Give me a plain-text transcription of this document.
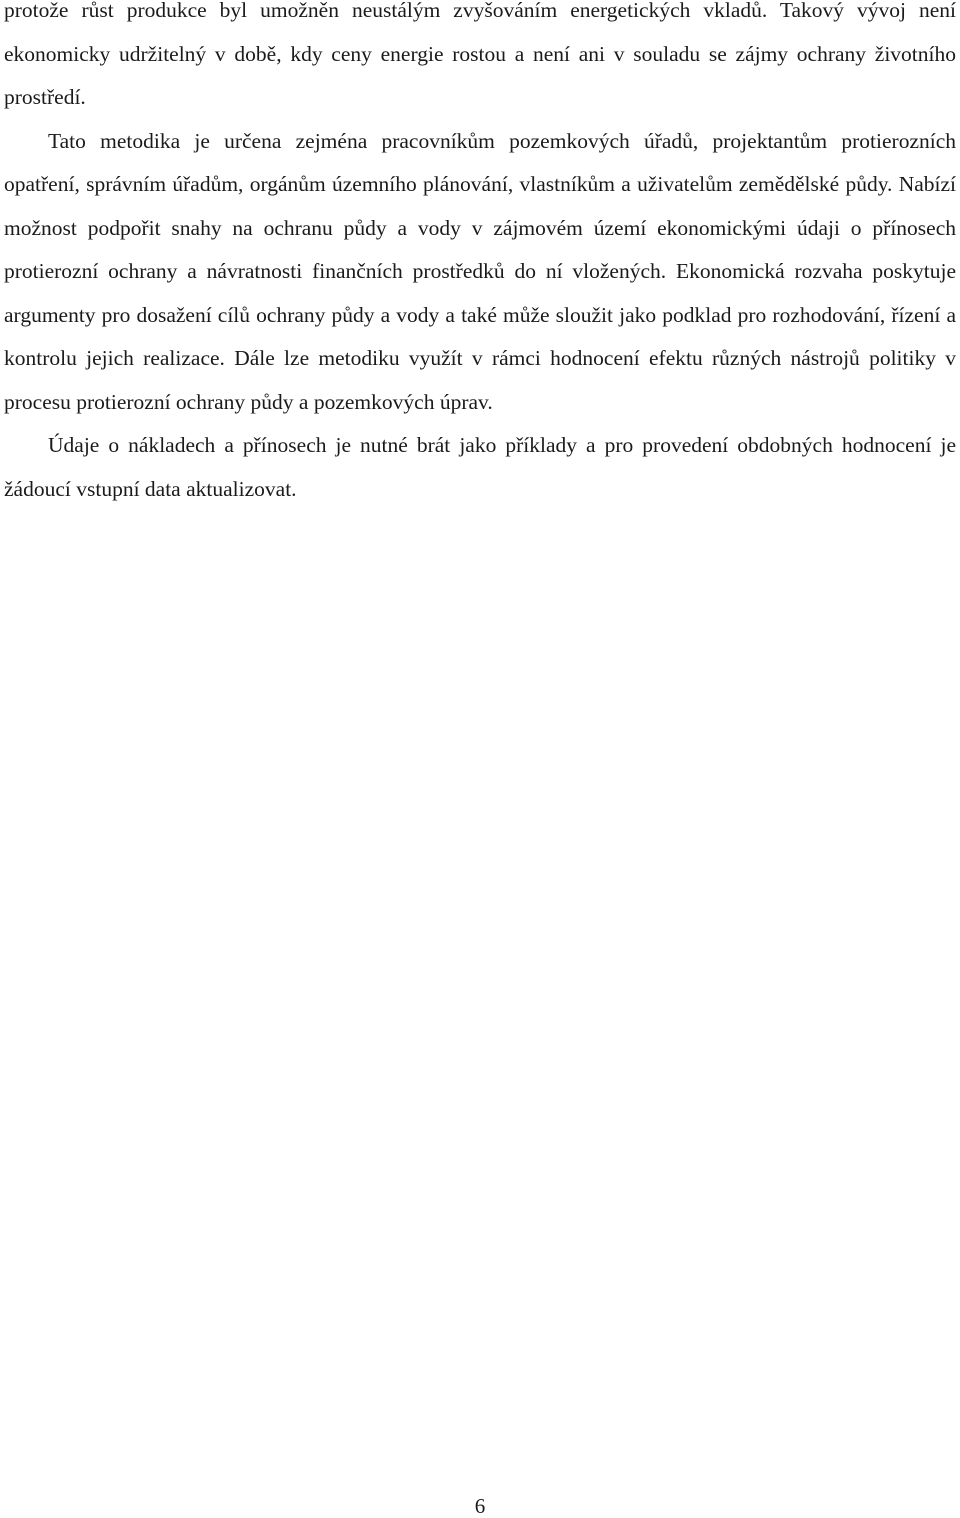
protože růst produkce byl umožněn neustálým zvyšováním energetických vkladů. Takový vývoj není ekonomicky udržitelný v době, kdy ceny energie rostou a není ani v souladu se zájmy ochrany životního prostředí.

Tato metodika je určena zejména pracovníkům pozemkových úřadů, projektantům protierozních opatření, správním úřadům, orgánům územního plánování, vlastníkům a uživatelům zemědělské půdy. Nabízí možnost podpořit snahy na ochranu půdy a vody v zájmovém území ekonomickými údaji o přínosech protierozní ochrany a návratnosti finančních prostředků do ní vložených. Ekonomická rozvaha poskytuje argumenty pro dosažení cílů ochrany půdy a vody a také může sloužit jako podklad pro rozhodování, řízení a kontrolu jejich realizace. Dále lze metodiku využít v rámci hodnocení efektu různých nástrojů politiky v procesu protierozní ochrany půdy a pozemkových úprav.

Údaje o nákladech a přínosech je nutné brát jako příklady a pro provedení obdobných hodnocení je žádoucí vstupní data aktualizovat.

6
